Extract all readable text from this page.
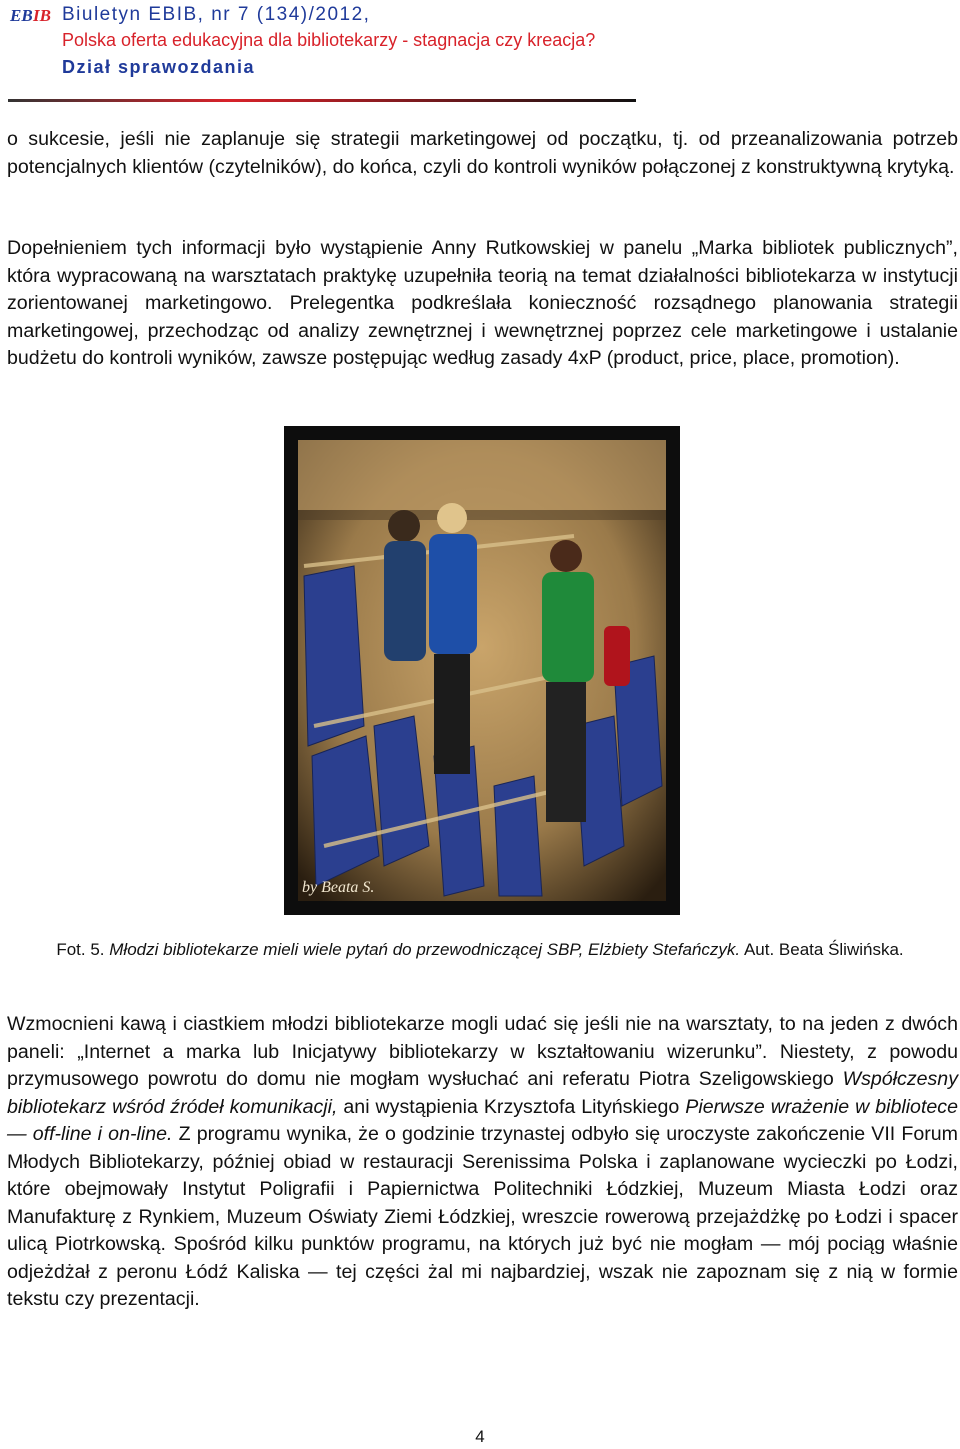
EB IB Biuletyn EBIB, nr 7 (134)/2012,
Polska oferta edukacyjna dla bibliotekarzy - stagnacja czy kreacja?
Dział sprawozdania
o sukcesie, jeśli nie zaplanuje się strategii marketingowej od początku, tj. od przeanalizowania potrzeb potencjalnych klientów (czytelników), do końca, czyli do kontroli wyników połączonej z konstruktywną krytyką.
Dopełnieniem tych informacji było wystąpienie Anny Rutkowskiej w panelu „Marka bibliotek publicznych”, która wypracowaną na warsztatach praktykę uzupełniła teorią na temat działalności bibliotekarza w instytucji zorientowanej marketingowo. Prelegentka podkreślała konieczność rozsądnego planowania strategii marketingowej, przechodząc od analizy zewnętrznej i wewnętrznej poprzez cele marketingowe i ustalanie budżetu do kontroli wyników, zawsze postępując według zasady 4xP (product, price, place, promotion).
by Beata S.
Fot. 5. Młodzi bibliotekarze mieli wiele pytań do przewodniczącej SBP, Elżbiety Stefańczyk. Aut. Beata Śliwińska.
Wzmocnieni kawą i ciastkiem młodzi bibliotekarze mogli udać się jeśli nie na warsztaty, to na jeden z dwóch paneli: „Internet a marka lub Inicjatywy bibliotekarzy w kształtowaniu wizerunku”. Niestety, z powodu przymusowego powrotu do domu nie mogłam wysłuchać ani referatu Piotra Szeligowskiego Współczesny bibliotekarz wśród źródeł komunikacji, ani wystąpienia Krzysztofa Lityńskiego Pierwsze wrażenie w bibliotece — off-line i on-line. Z programu wynika, że o godzinie trzynastej odbyło się uroczyste zakończenie VII Forum Młodych Bibliotekarzy, później obiad w restauracji Serenissima Polska i zaplanowane wycieczki po Łodzi, które obejmowały Instytut Poligrafii i Papiernictwa Politechniki Łódzkiej, Muzeum Miasta Łodzi oraz Manufakturę z Rynkiem, Muzeum Oświaty Ziemi Łódzkiej, wreszcie rowerową przejażdżkę po Łodzi i spacer ulicą Piotrkowską. Spośród kilku punktów programu, na których już być nie mogłam — mój pociąg właśnie odjeżdżał z peronu Łódź Kaliska — tej części żal mi najbardziej, wszak nie zapoznam się z nią w formie tekstu czy prezentacji.
4
